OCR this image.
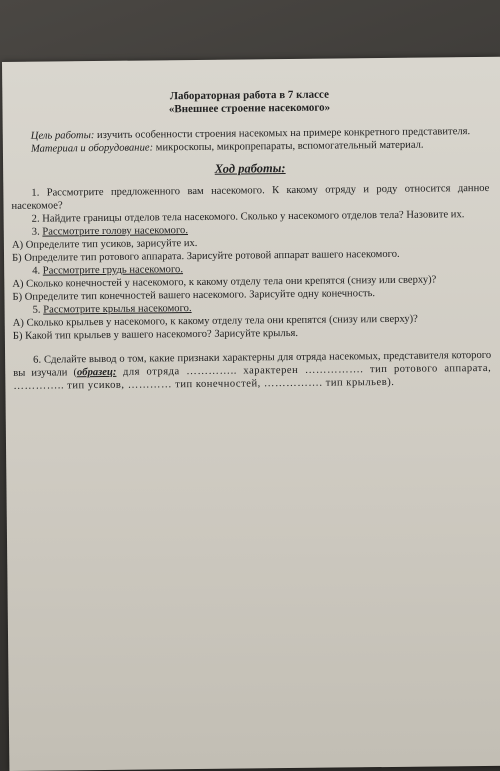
Лабораторная работа в 7 классе
«Внешнее строение насекомого»

Цель работы: изучить особенности строения насекомых на примере конкретного представителя.

Материал и оборудование: микроскопы, микропрепараты, вспомогательный материал.

Ход работы:

1. Рассмотрите предложенного вам насекомого. К какому отряду и роду относится данное насекомое?

2. Найдите границы отделов тела насекомого. Сколько у насекомого отделов тела? Назовите их.

3. Рассмотрите голову насекомого.

А) Определите тип усиков, зарисуйте их.

Б) Определите тип ротового аппарата. Зарисуйте ротовой аппарат вашего насекомого.

4. Рассмотрите грудь насекомого.

А) Сколько конечностей у насекомого, к какому отделу тела они крепятся (снизу или сверху)?

Б) Определите тип конечностей вашего насекомого. Зарисуйте одну конечность.

5. Рассмотрите крылья насекомого.

А) Сколько крыльев у насекомого, к какому отделу тела они крепятся (снизу или сверху)?

Б) Какой тип крыльев у вашего насекомого? Зарисуйте крылья.

6. Сделайте вывод о том, какие признаки характерны для отряда насекомых, представителя которого вы изучали (образец: для отряда ………….. характерен ……………. тип ротового аппарата, ………….. тип усиков, ………… тип конечностей, ……………. тип крыльев).
